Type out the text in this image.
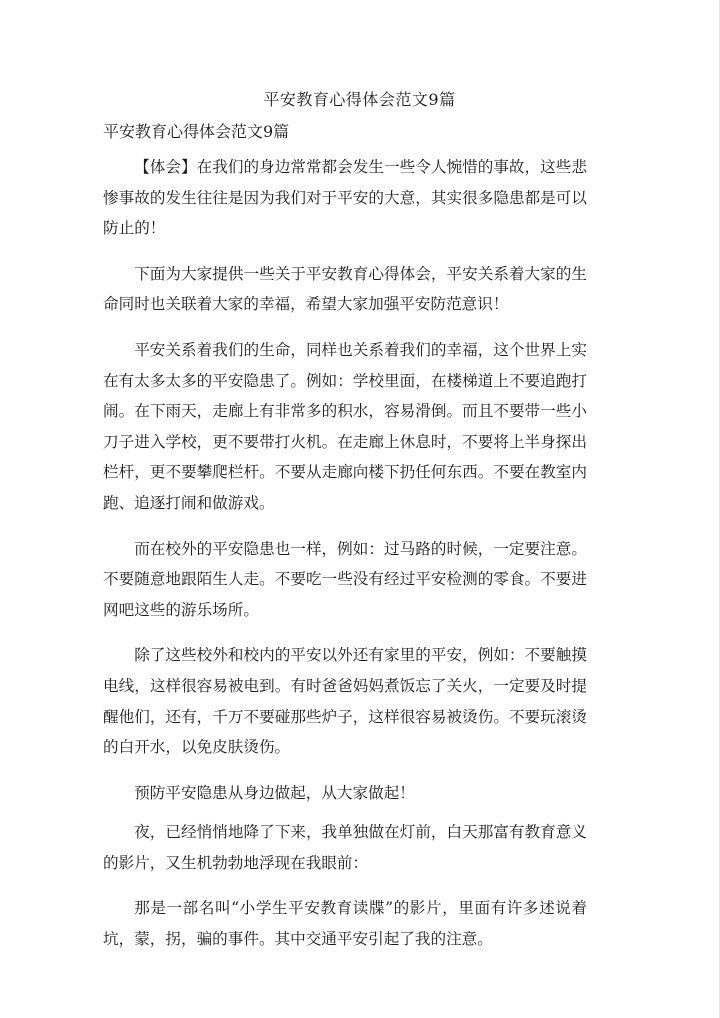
平安教育心得体会范文9篇
平安教育心得体会范文9篇

【体会】在我们的身边常常都会发生一些令人惋惜的事故，这些悲惨事故的发生往往是因为我们对于平安的大意，其实很多隐患都是可以防止的！

下面为大家提供一些关于平安教育心得体会，平安关系着大家的生命同时也关联着大家的幸福，希望大家加强平安防范意识！

平安关系着我们的生命，同样也关系着我们的幸福，这个世界上实在有太多太多的平安隐患了。例如：学校里面，在楼梯道上不要追跑打闹。在下雨天，走廊上有非常多的积水，容易滑倒。而且不要带一些小刀子进入学校，更不要带打火机。在走廊上休息时，不要将上半身探出栏杆，更不要攀爬栏杆。不要从走廊向楼下扔任何东西。不要在教室内跑、追逐打闹和做游戏。

而在校外的平安隐患也一样，例如：过马路的时候，一定要注意。不要随意地跟陌生人走。不要吃一些没有经过平安检测的零食。不要进网吧这些的游乐场所。

除了这些校外和校内的平安以外还有家里的平安，例如：不要触摸电线，这样很容易被电到。有时爸爸妈妈煮饭忘了关火，一定要及时提醒他们，还有，千万不要碰那些炉子，这样很容易被烫伤。不要玩滚烫的白开水，以免皮肤烫伤。

预防平安隐患从身边做起，从大家做起！

夜，已经悄悄地降了下来，我单独做在灯前，白天那富有教育意义的影片，又生机勃勃地浮现在我眼前：

那是一部名叫“小学生平安教育读牒”的影片，里面有许多述说着坑，蒙，拐，骗的事件。其中交通平安引起了我的注意。
